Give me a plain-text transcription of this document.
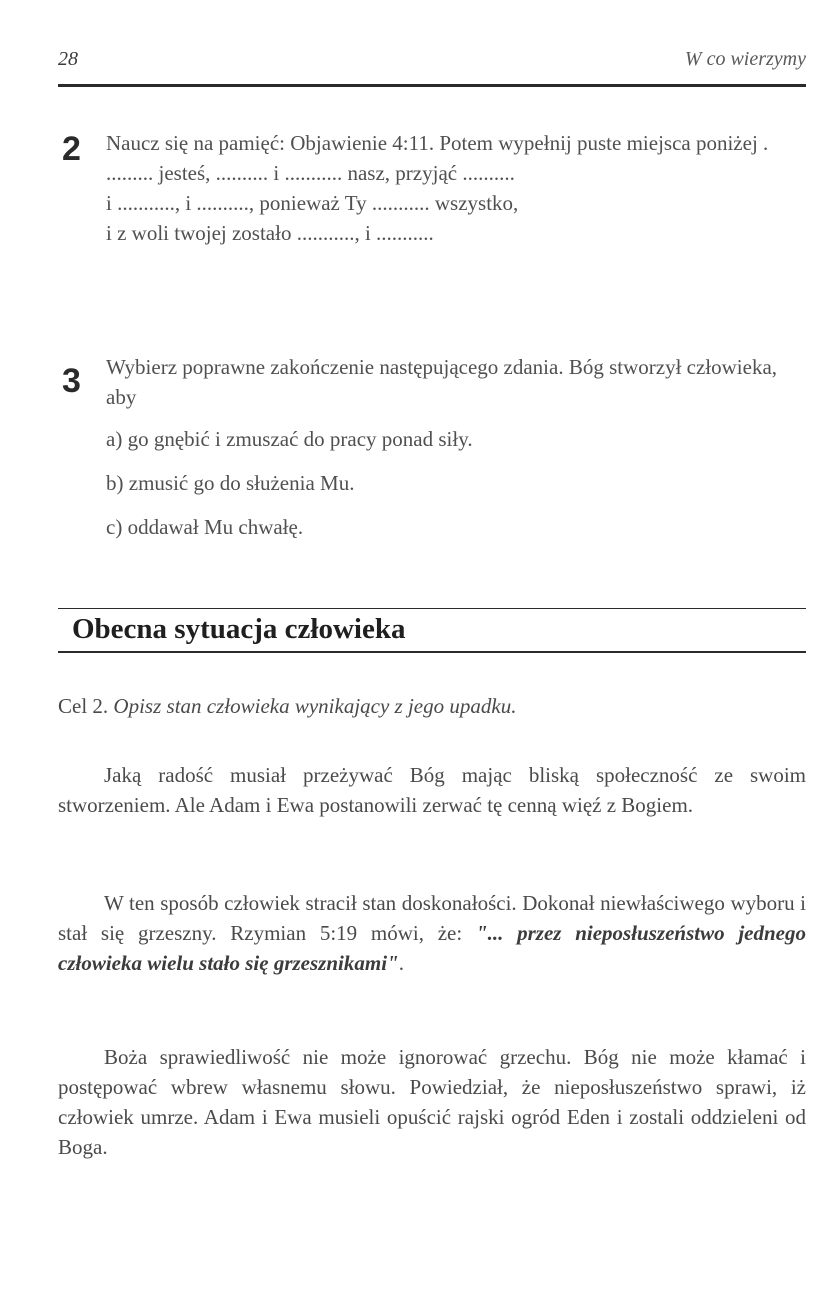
28	W co wierzymy
2 Naucz się na pamięć: Objawienie 4:11. Potem wypełnij puste miejsca poniżej .
......... jesteś, .......... i ........... nasz, przyjąć ..........
i ..........., i .........., ponieważ Ty ........... wszystko,
i z woli twojej zostało ..........., i ...........
3 Wybierz poprawne zakończenie następującego zdania. Bóg stworzył człowieka, aby
a) go gnębić i zmuszać do pracy ponad siły.
b) zmusić go do służenia Mu.
c) oddawał Mu chwałę.
Obecna sytuacja człowieka
Cel 2. Opisz stan człowieka wynikający z jego upadku.

Jaką radość musiał przeżywać Bóg mając bliską społeczność ze swoim stworzeniem. Ale Adam i Ewa postanowili zerwać tę cenną więź z Bogiem.

W ten sposób człowiek stracił stan doskonałości. Dokonał niewłaściwego wyboru i stał się grzeszny. Rzymian 5:19 mówi, że: "... przez nieposłuszeństwo jednego człowieka wielu stało się grzesznikami".

Boża sprawiedliwość nie może ignorować grzechu. Bóg nie może kłamać i postępować wbrew własnemu słowu. Powiedział, że nieposłuszeństwo sprawi, iż człowiek umrze. Adam i Ewa musieli opuścić rajski ogród Eden i zostali oddzieleni od Boga.
